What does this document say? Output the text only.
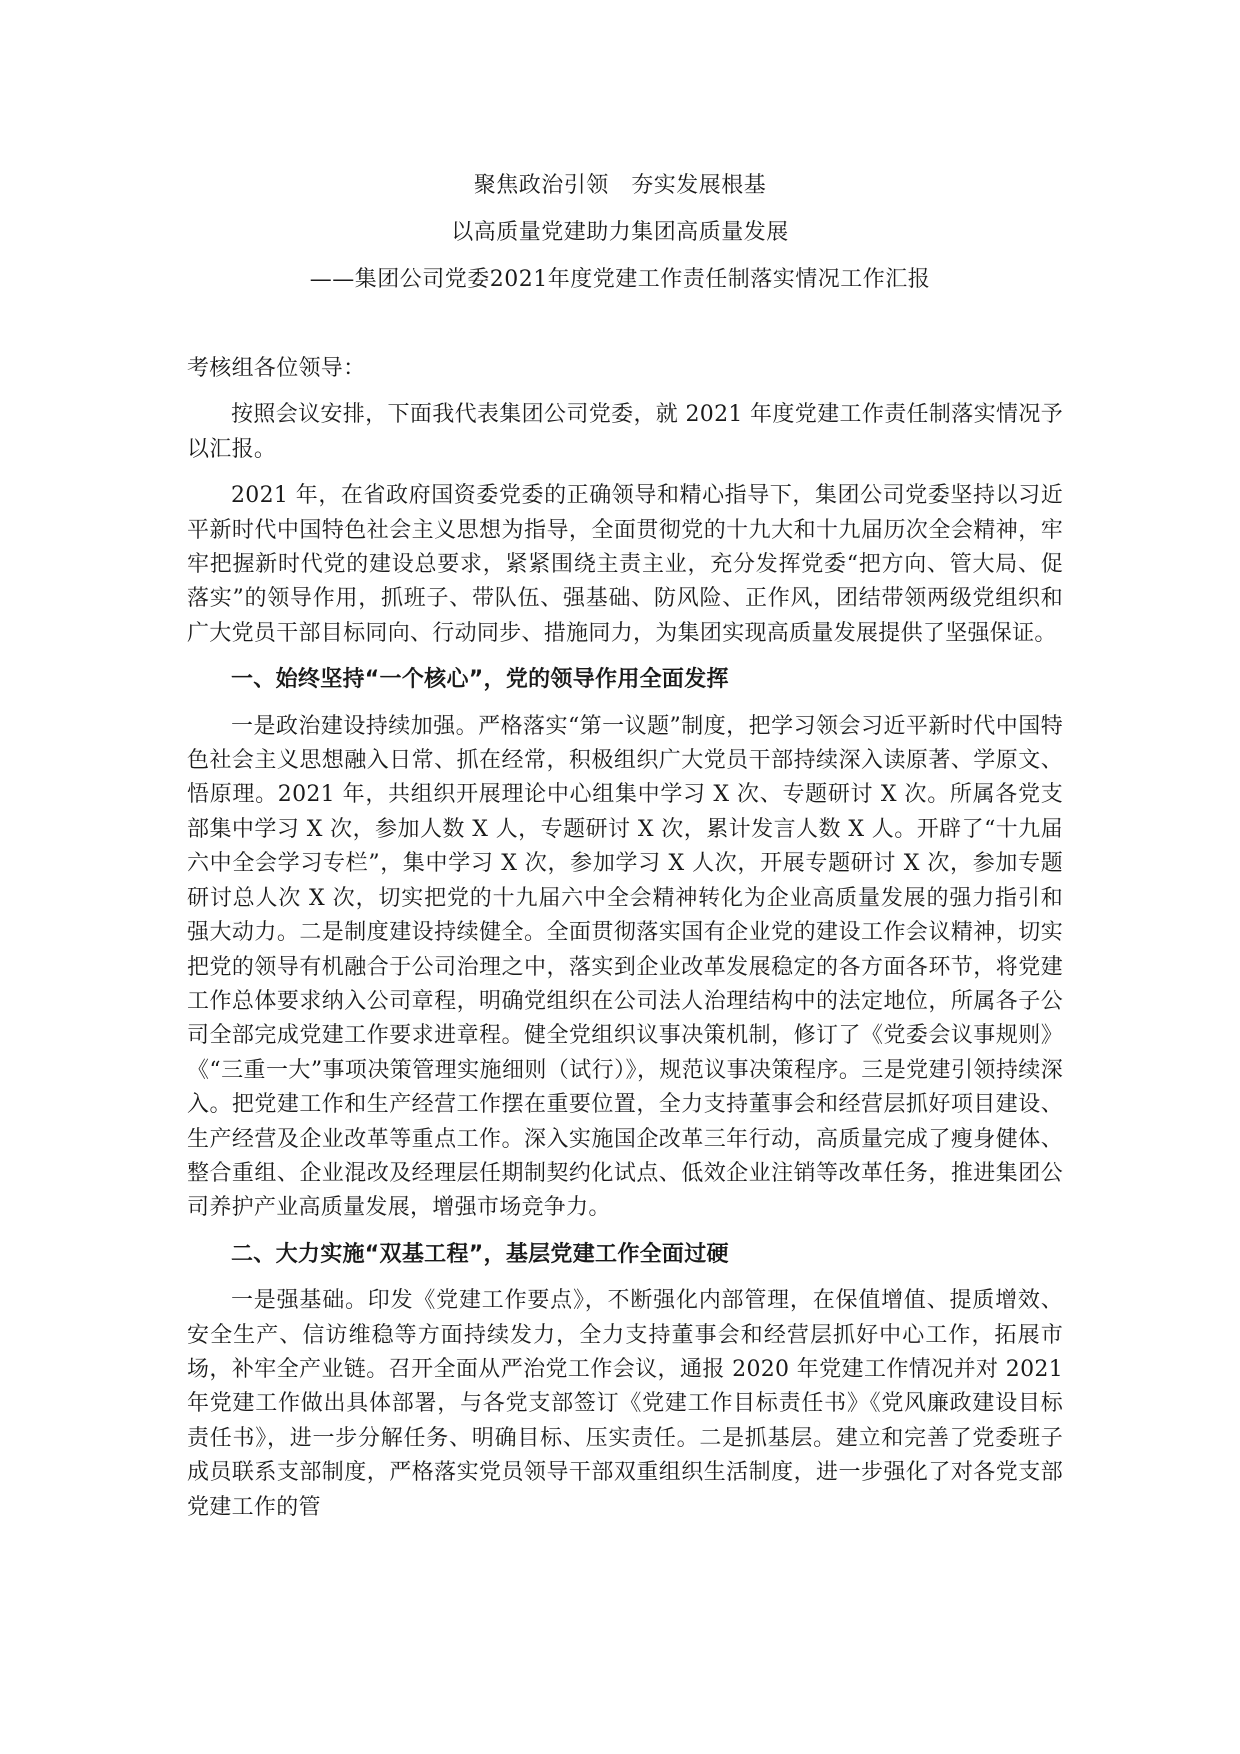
聚焦政治引领　夯实发展根基
以高质量党建助力集团高质量发展
——集团公司党委2021年度党建工作责任制落实情况工作汇报

考核组各位领导：

按照会议安排，下面我代表集团公司党委，就 2021 年度党建工作责任制落实情况予以汇报。

2021 年，在省政府国资委党委的正确领导和精心指导下，集团公司党委坚持以习近平新时代中国特色社会主义思想为指导，全面贯彻党的十九大和十九届历次全会精神，牢牢把握新时代党的建设总要求，紧紧围绕主责主业，充分发挥党委“把方向、管大局、促落实”的领导作用，抓班子、带队伍、强基础、防风险、正作风，团结带领两级党组织和广大党员干部目标同向、行动同步、措施同力，为集团实现高质量发展提供了坚强保证。

一、始终坚持“一个核心”，党的领导作用全面发挥

一是政治建设持续加强。严格落实“第一议题”制度，把学习领会习近平新时代中国特色社会主义思想融入日常、抓在经常，积极组织广大党员干部持续深入读原著、学原文、悟原理。2021 年，共组织开展理论中心组集中学习 X 次、专题研讨 X 次。所属各党支部集中学习 X 次，参加人数 X 人，专题研讨 X 次，累计发言人数 X 人。开辟了“十九届六中全会学习专栏”，集中学习 X 次，参加学习 X 人次，开展专题研讨 X 次，参加专题研讨总人次 X 次，切实把党的十九届六中全会精神转化为企业高质量发展的强力指引和强大动力。二是制度建设持续健全。全面贯彻落实国有企业党的建设工作会议精神，切实把党的领导有机融合于公司治理之中，落实到企业改革发展稳定的各方面各环节，将党建工作总体要求纳入公司章程，明确党组织在公司法人治理结构中的法定地位，所属各子公司全部完成党建工作要求进章程。健全党组织议事决策机制，修订了《党委会议事规则》《“三重一大”事项决策管理实施细则（试行）》，规范议事决策程序。三是党建引领持续深入。把党建工作和生产经营工作摆在重要位置，全力支持董事会和经营层抓好项目建设、生产经营及企业改革等重点工作。深入实施国企改革三年行动，高质量完成了瘦身健体、整合重组、企业混改及经理层任期制契约化试点、低效企业注销等改革任务，推进集团公司养护产业高质量发展，增强市场竞争力。

二、大力实施“双基工程”，基层党建工作全面过硬

一是强基础。印发《党建工作要点》，不断强化内部管理，在保值增值、提质增效、安全生产、信访维稳等方面持续发力，全力支持董事会和经营层抓好中心工作，拓展市场，补牢全产业链。召开全面从严治党工作会议，通报 2020 年党建工作情况并对 2021 年党建工作做出具体部署，与各党支部签订《党建工作目标责任书》《党风廉政建设目标责任书》，进一步分解任务、明确目标、压实责任。二是抓基层。建立和完善了党委班子成员联系支部制度，严格落实党员领导干部双重组织生活制度，进一步强化了对各党支部党建工作的管
